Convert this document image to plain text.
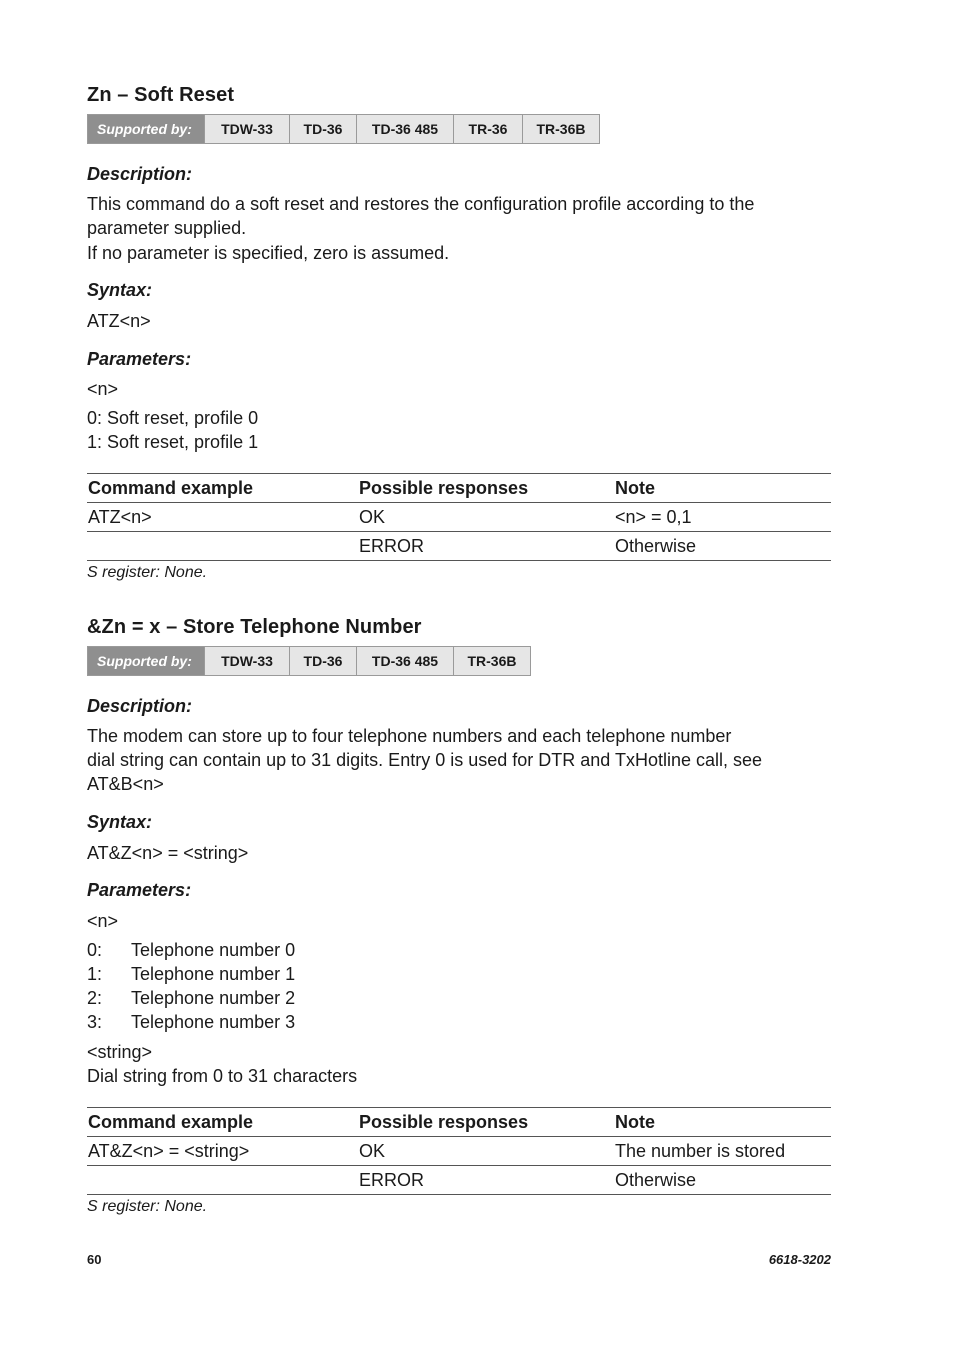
Zn – Soft Reset
Supported by:	TDW-33	TD-36	TD-36 485	TR-36	TR-36B

Description:

This command do a soft reset and restores the configuration profile according to the

parameter supplied.

If no parameter is specified, zero is assumed.

Syntax:

ATZ<n>

Parameters:

<n>

0: Soft reset, profile 0

1: Soft reset, profile 1

Command example	Possible responses	Note
ATZ<n>	OK	<n> = 0,1
	ERROR	Otherwise

S register: None.

&Zn = x – Store Telephone Number
Supported by:	TDW-33	TD-36	TD-36 485	TR-36B

Description:

The modem can store up to four telephone numbers and each telephone number

dial string can contain up to 31 digits. Entry 0 is used for DTR and TxHotline call, see

AT&B<n>

Syntax:

AT&Z<n> = <string>

Parameters:

<n>

0:	Telephone number 0
1:	Telephone number 1
2:	Telephone number 2
3:	Telephone number 3

<string>

Dial string from 0 to 31 characters

Command example	Possible responses	Note
AT&Z<n> = <string>	OK	The number is stored
	ERROR	Otherwise

S register: None.

60	6618-3202
